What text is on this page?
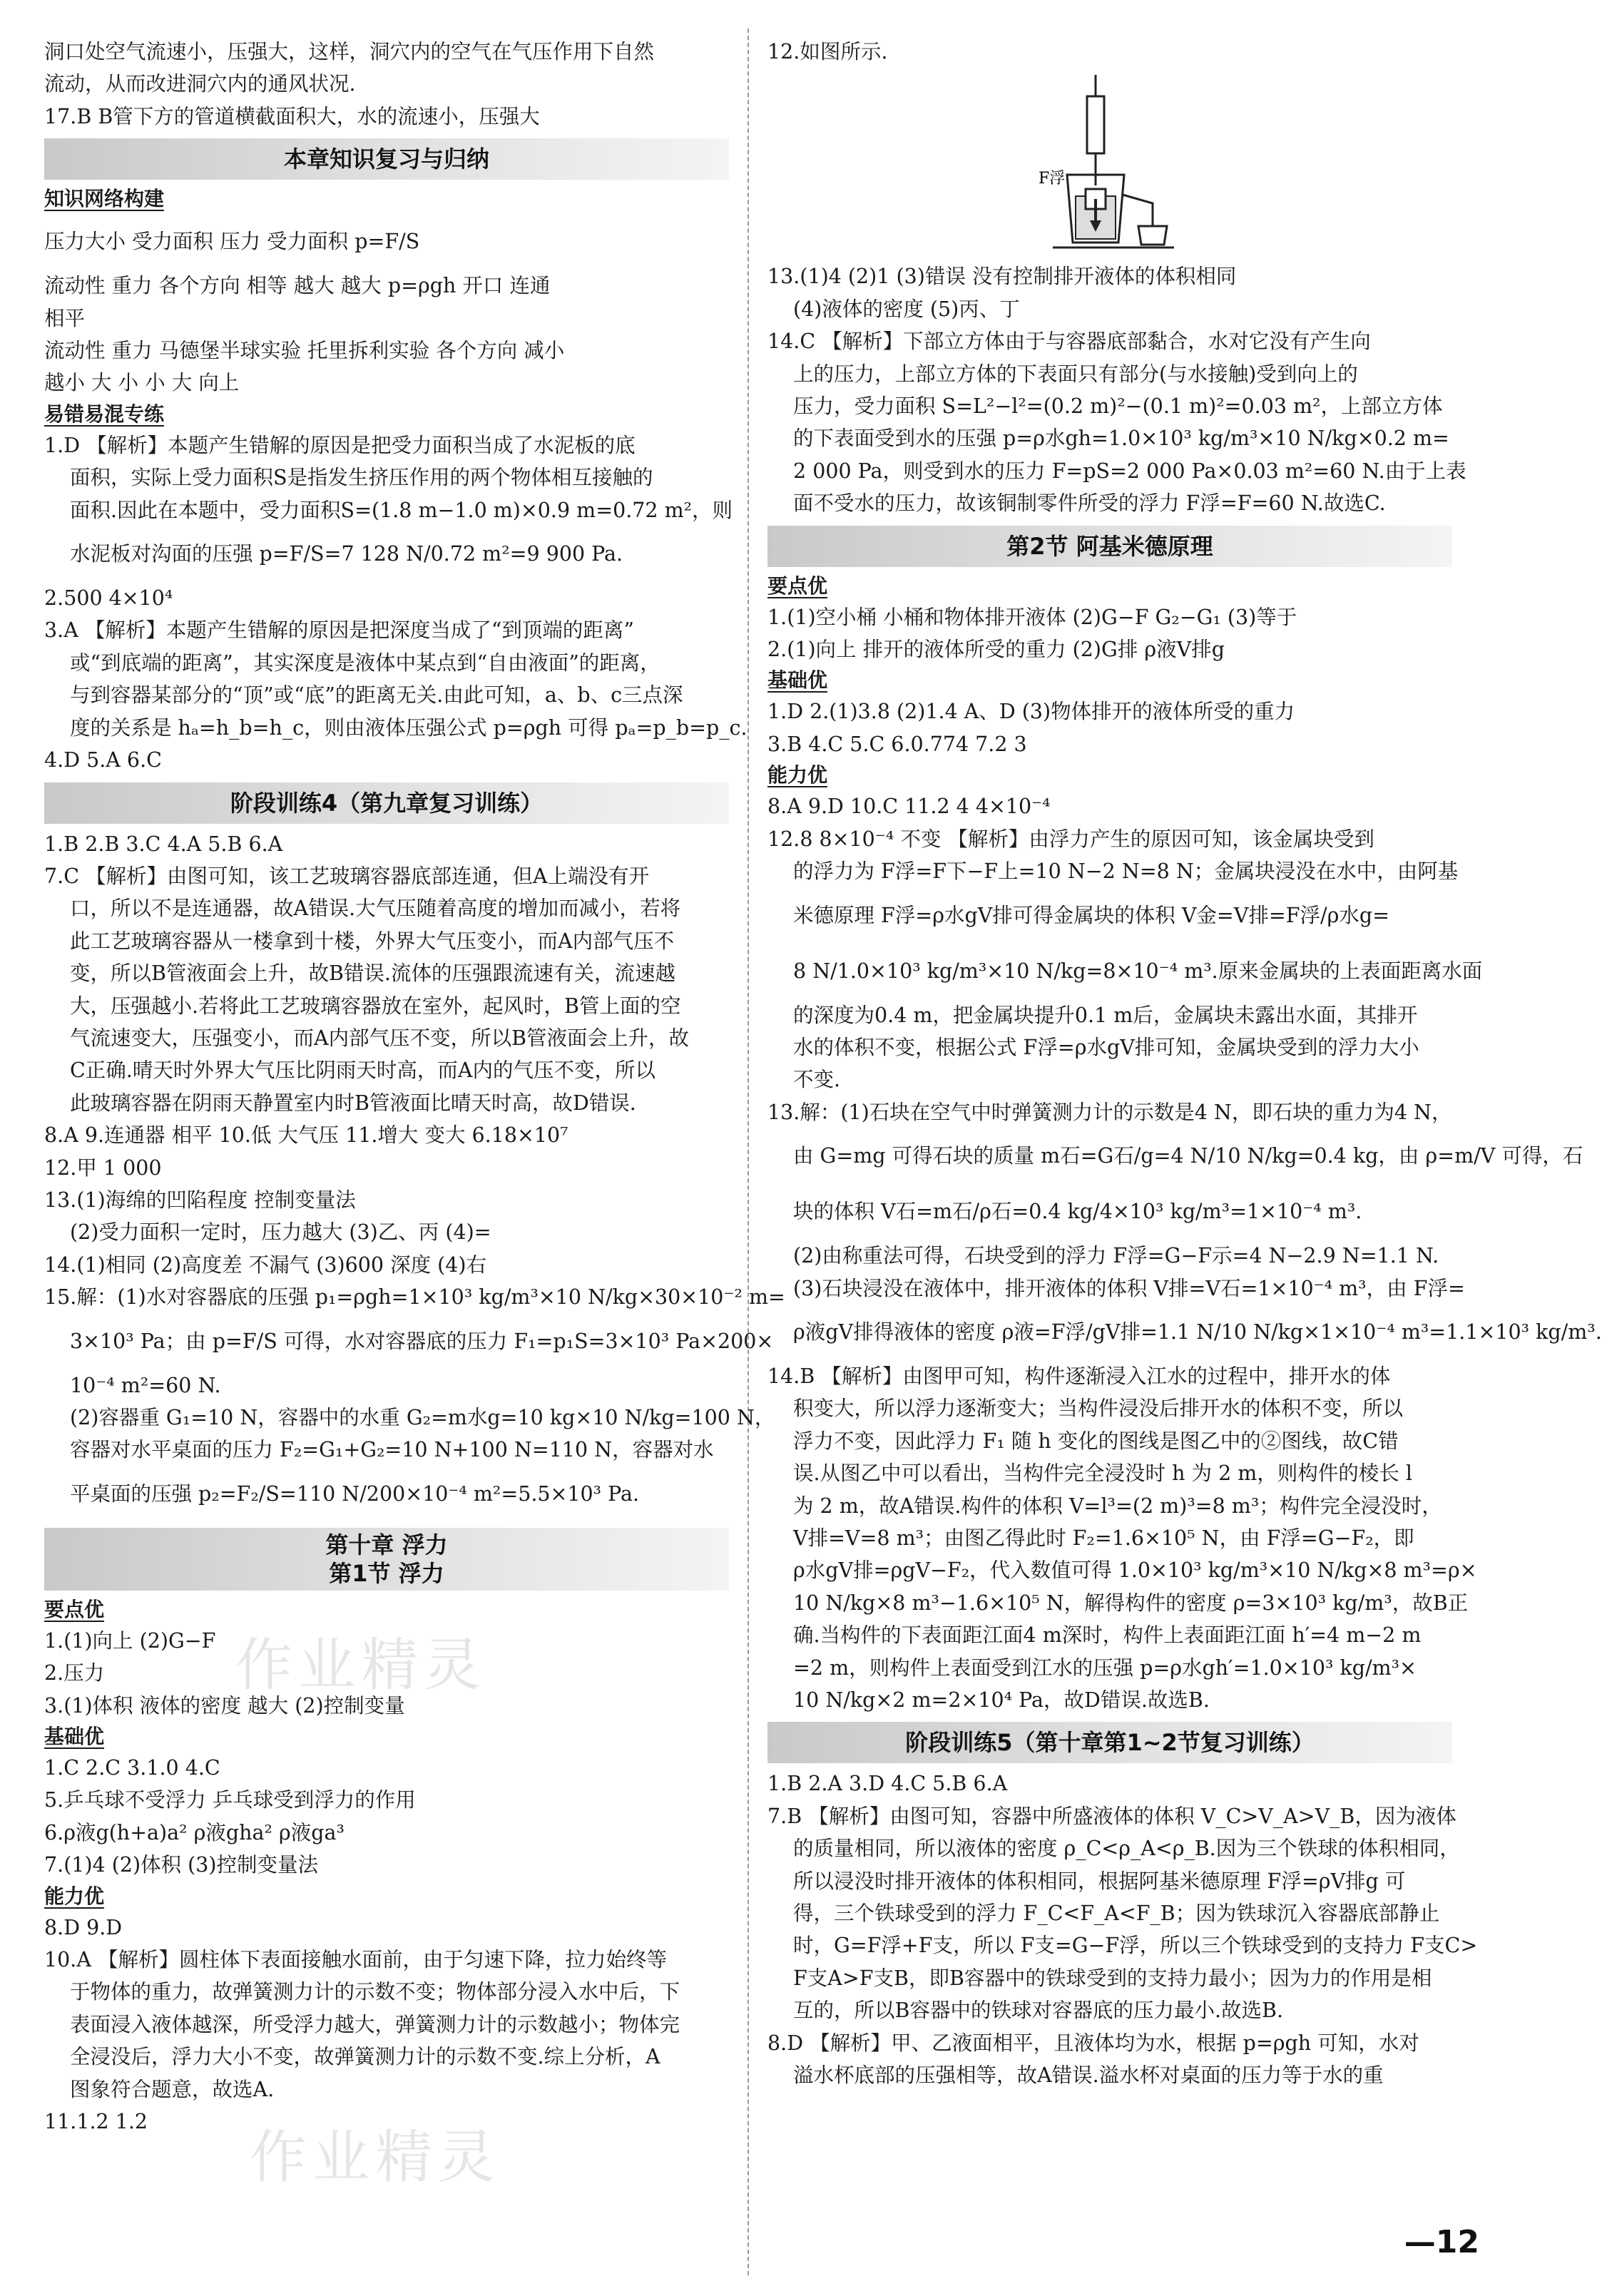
洞口处空气流速小，压强大，这样，洞穴内的空气在气压作用下自然
流动，从而改进洞穴内的通风状况.
17.B B管下方的管道横截面积大，水的流速小，压强大
本章知识复习与归纳
知识网络构建
压力大小 受力面积 压力 受力面积 p=F/S
流动性 重力 各个方向 相等 越大 越大 p=ρgh 开口 连通
相平
流动性 重力 马德堡半球实验 托里拆利实验 各个方向 减小
越小 大 小 小 大 向上
易错易混专练
1.D 【解析】本题产生错解的原因是把受力面积当成了水泥板的底
面积，实际上受力面积S是指发生挤压作用的两个物体相互接触的
面积.因此在本题中，受力面积S=(1.8 m−1.0 m)×0.9 m=0.72 m²，则
水泥板对沟面的压强 p=F/S=7 128 N/0.72 m²=9 900 Pa.
2.500 4×10⁴
3.A 【解析】本题产生错解的原因是把深度当成了“到顶端的距离”
或“到底端的距离”，其实深度是液体中某点到“自由液面”的距离，
与到容器某部分的“顶”或“底”的距离无关.由此可知，a、b、c三点深
度的关系是 hₐ=h_b=h_c，则由液体压强公式 p=ρgh 可得 pₐ=p_b=p_c.
4.D 5.A 6.C
阶段训练4（第九章复习训练）
1.B 2.B 3.C 4.A 5.B 6.A
7.C 【解析】由图可知，该工艺玻璃容器底部连通，但A上端没有开
口，所以不是连通器，故A错误.大气压随着高度的增加而减小，若将
此工艺玻璃容器从一楼拿到十楼，外界大气压变小，而A内部气压不
变，所以B管液面会上升，故B错误.流体的压强跟流速有关，流速越
大，压强越小.若将此工艺玻璃容器放在室外，起风时，B管上面的空
气流速变大，压强变小，而A内部气压不变，所以B管液面会上升，故
C正确.晴天时外界大气压比阴雨天时高，而A内的气压不变，所以
此玻璃容器在阴雨天静置室内时B管液面比晴天时高，故D错误.
8.A 9.连通器 相平 10.低 大气压 11.增大 变大 6.18×10⁷
12.甲 1 000
13.(1)海绵的凹陷程度 控制变量法
(2)受力面积一定时，压力越大 (3)乙、丙 (4)=
14.(1)相同 (2)高度差 不漏气 (3)600 深度 (4)右
15.解：(1)水对容器底的压强 p₁=ρgh=1×10³ kg/m³×10 N/kg×30×10⁻² m=
3×10³ Pa；由 p=F/S 可得，水对容器底的压力 F₁=p₁S=3×10³ Pa×200×
10⁻⁴ m²=60 N.
(2)容器重 G₁=10 N，容器中的水重 G₂=m水g=10 kg×10 N/kg=100 N，
容器对水平桌面的压力 F₂=G₁+G₂=10 N+100 N=110 N，容器对水
平桌面的压强 p₂=F₂/S=110 N/200×10⁻⁴ m²=5.5×10³ Pa.
第十章 浮力
第1节 浮力
要点优
1.(1)向上 (2)G−F
2.压力
3.(1)体积 液体的密度 越大 (2)控制变量
基础优
1.C 2.C 3.1.0 4.C
5.乒乓球不受浮力 乒乓球受到浮力的作用
6.ρ液g(h+a)a² ρ液gha² ρ液ga³
7.(1)4 (2)体积 (3)控制变量法
能力优
8.D 9.D
10.A 【解析】圆柱体下表面接触水面前，由于匀速下降，拉力始终等
于物体的重力，故弹簧测力计的示数不变；物体部分浸入水中后，下
表面浸入液体越深，所受浮力越大，弹簧测力计的示数越小；物体完
全浸没后，浮力大小不变，故弹簧测力计的示数不变.综上分析，A
图象符合题意，故选A.
11.1.2 1.2
12.如图所示.
F浮
13.(1)4 (2)1 (3)错误 没有控制排开液体的体积相同
(4)液体的密度 (5)丙、丁
14.C 【解析】下部立方体由于与容器底部黏合，水对它没有产生向
上的压力，上部立方体的下表面只有部分(与水接触)受到向上的
压力，受力面积 S=L²−l²=(0.2 m)²−(0.1 m)²=0.03 m²，上部立方体
的下表面受到水的压强 p=ρ水gh=1.0×10³ kg/m³×10 N/kg×0.2 m=
2 000 Pa，则受到水的压力 F=pS=2 000 Pa×0.03 m²=60 N.由于上表
面不受水的压力，故该铜制零件所受的浮力 F浮=F=60 N.故选C.
第2节 阿基米德原理
要点优
1.(1)空小桶 小桶和物体排开液体 (2)G−F G₂−G₁ (3)等于
2.(1)向上 排开的液体所受的重力 (2)G排 ρ液V排g
基础优
1.D 2.(1)3.8 (2)1.4 A、D (3)物体排开的液体所受的重力
3.B 4.C 5.C 6.0.774 7.2 3
能力优
8.A 9.D 10.C 11.2 4 4×10⁻⁴
12.8 8×10⁻⁴ 不变 【解析】由浮力产生的原因可知，该金属块受到
的浮力为 F浮=F下−F上=10 N−2 N=8 N；金属块浸没在水中，由阿基
米德原理 F浮=ρ水gV排可得金属块的体积 V金=V排=F浮/ρ水g=
8 N/1.0×10³ kg/m³×10 N/kg=8×10⁻⁴ m³.原来金属块的上表面距离水面
的深度为0.4 m，把金属块提升0.1 m后，金属块未露出水面，其排开
水的体积不变，根据公式 F浮=ρ水gV排可知，金属块受到的浮力大小
不变.
13.解：(1)石块在空气中时弹簧测力计的示数是4 N，即石块的重力为4 N，
由 G=mg 可得石块的质量 m石=G石/g=4 N/10 N/kg=0.4 kg，由 ρ=m/V 可得，石
块的体积 V石=m石/ρ石=0.4 kg/4×10³ kg/m³=1×10⁻⁴ m³.
(2)由称重法可得，石块受到的浮力 F浮=G−F示=4 N−2.9 N=1.1 N.
(3)石块浸没在液体中，排开液体的体积 V排=V石=1×10⁻⁴ m³，由 F浮=
ρ液gV排得液体的密度 ρ液=F浮/gV排=1.1 N/10 N/kg×1×10⁻⁴ m³=1.1×10³ kg/m³.
14.B 【解析】由图甲可知，构件逐渐浸入江水的过程中，排开水的体
积变大，所以浮力逐渐变大；当构件浸没后排开水的体积不变，所以
浮力不变，因此浮力 F₁ 随 h 变化的图线是图乙中的②图线，故C错
误.从图乙中可以看出，当构件完全浸没时 h 为 2 m，则构件的棱长 l
为 2 m，故A错误.构件的体积 V=l³=(2 m)³=8 m³；构件完全浸没时，
V排=V=8 m³；由图乙得此时 F₂=1.6×10⁵ N，由 F浮=G−F₂，即
ρ水gV排=ρgV−F₂，代入数值可得 1.0×10³ kg/m³×10 N/kg×8 m³=ρ×
10 N/kg×8 m³−1.6×10⁵ N，解得构件的密度 ρ=3×10³ kg/m³，故B正
确.当构件的下表面距江面4 m深时，构件上表面距江面 h′=4 m−2 m
=2 m，则构件上表面受到江水的压强 p=ρ水gh′=1.0×10³ kg/m³×
10 N/kg×2 m=2×10⁴ Pa，故D错误.故选B.
阶段训练5（第十章第1~2节复习训练）
1.B 2.A 3.D 4.C 5.B 6.A
7.B 【解析】由图可知，容器中所盛液体的体积 V_C>V_A>V_B，因为液体
的质量相同，所以液体的密度 ρ_C<ρ_A<ρ_B.因为三个铁球的体积相同，
所以浸没时排开液体的体积相同，根据阿基米德原理 F浮=ρV排g 可
得，三个铁球受到的浮力 F_C<F_A<F_B；因为铁球沉入容器底部静止
时，G=F浮+F支，所以 F支=G−F浮，所以三个铁球受到的支持力 F支C>
F支A>F支B，即B容器中的铁球受到的支持力最小；因为力的作用是相
互的，所以B容器中的铁球对容器底的压力最小.故选B.
8.D 【解析】甲、乙液面相平，且液体均为水，根据 p=ρgh 可知，水对
溢水杯底部的压强相等，故A错误.溢水杯对桌面的压力等于水的重
作业精灵
作业精灵
—12
